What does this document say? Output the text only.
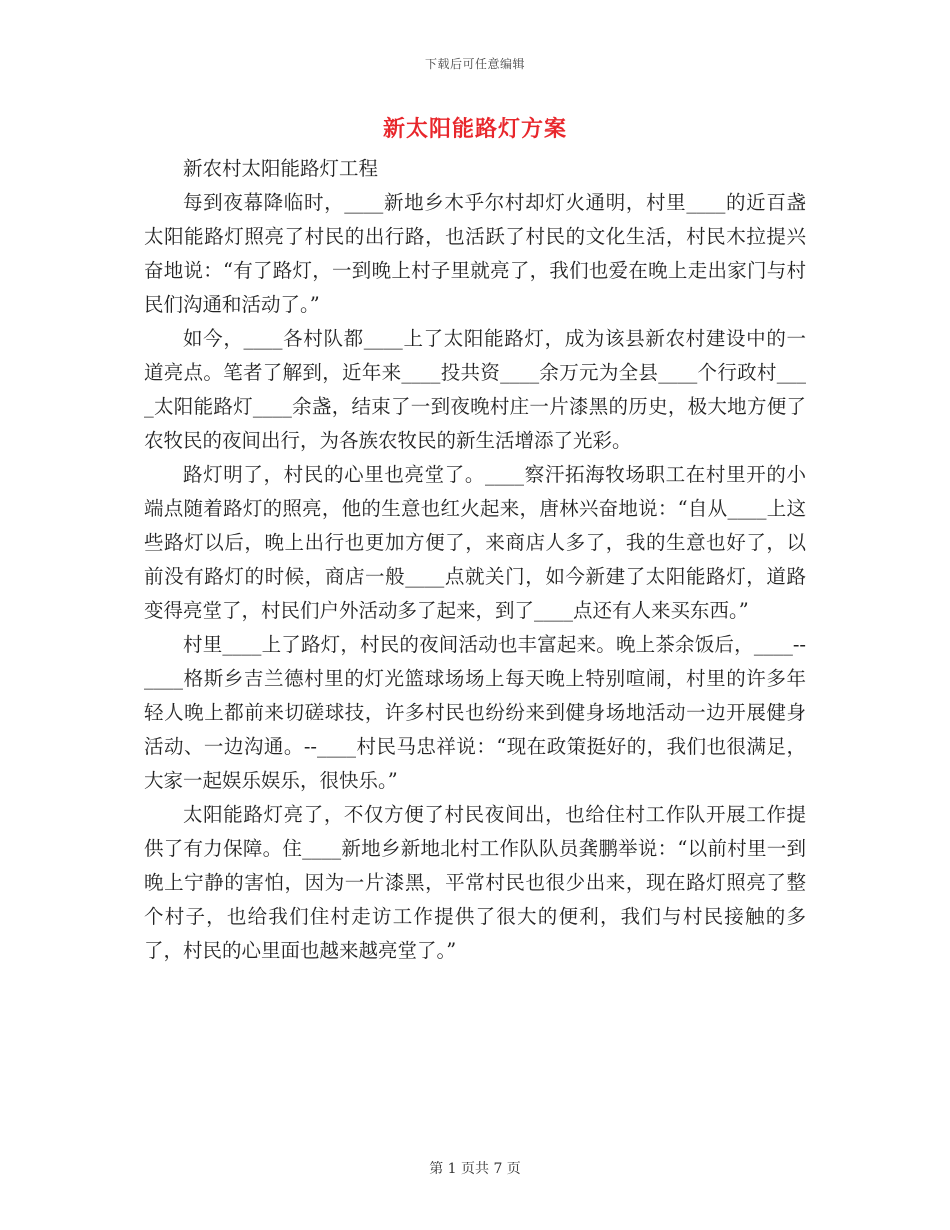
下载后可任意编辑
新太阳能路灯方案

新农村太阳能路灯工程

每到夜幕降临时，____新地乡木乎尔村却灯火通明，村里____的近百盏太阳能路灯照亮了村民的出行路，也活跃了村民的文化生活，村民木拉提兴奋地说：“有了路灯，一到晚上村子里就亮了，我们也爱在晚上走出家门与村民们沟通和活动了。”

如今，____各村队都____上了太阳能路灯，成为该县新农村建设中的一道亮点。笔者了解到，近年来____投共资____余万元为全县____个行政村____太阳能路灯____余盏，结束了一到夜晚村庄一片漆黑的历史，极大地方便了农牧民的夜间出行，为各族农牧民的新生活增添了光彩。

路灯明了，村民的心里也亮堂了。____察汗拓海牧场职工在村里开的小端点随着路灯的照亮，他的生意也红火起来，唐林兴奋地说：“自从____上这些路灯以后，晚上出行也更加方便了，来商店人多了，我的生意也好了，以前没有路灯的时候，商店一般____点就关门，如今新建了太阳能路灯，道路变得亮堂了，村民们户外活动多了起来，到了____点还有人来买东西。”

村里____上了路灯，村民的夜间活动也丰富起来。晚上茶余饭后，____--____格斯乡吉兰德村里的灯光篮球场场上每天晚上特别喧闹，村里的许多年轻人晚上都前来切磋球技，许多村民也纷纷来到健身场地活动一边开展健身活动、一边沟通。--____村民马忠祥说：“现在政策挺好的，我们也很满足，大家一起娱乐娱乐，很快乐。”

太阳能路灯亮了，不仅方便了村民夜间出，也给住村工作队开展工作提供了有力保障。住____新地乡新地北村工作队队员龚鹏举说：“以前村里一到晚上宁静的害怕，因为一片漆黑，平常村民也很少出来，现在路灯照亮了整个村子，也给我们住村走访工作提供了很大的便利，我们与村民接触的多了，村民的心里面也越来越亮堂了。”

第 1 页共 7 页
